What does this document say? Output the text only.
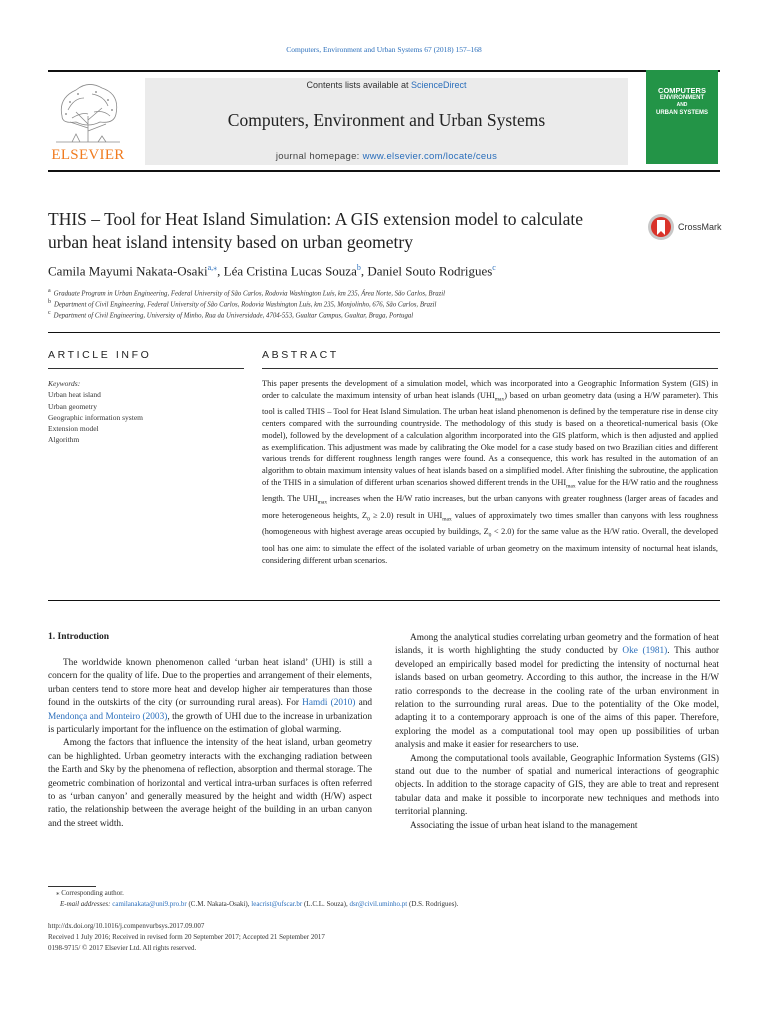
Computers, Environment and Urban Systems 67 (2018) 157–168
ELSEVIER
Contents lists available at ScienceDirect
Computers, Environment and Urban Systems
journal homepage: www.elsevier.com/locate/ceus
COMPUTERS
ENVIRONMENT
AND
URBAN SYSTEMS
THIS – Tool for Heat Island Simulation: A GIS extension model to calculate
urban heat island intensity based on urban geometry
CrossMark
Camila Mayumi Nakata-Osaki$^{a,⁎}$, Léa Cristina Lucas Souza$^b$, Daniel Souto Rodrigues$^c$
$^a$ Graduate Program in Urban Engineering, Federal University of São Carlos, Rodovia Washington Luís, km 235, Área Norte, São Carlos, Brazil
$^b$ Department of Civil Engineering, Federal University of São Carlos, Rodovia Washington Luís, km 235, Monjolinho, 676, São Carlos, Brazil
$^c$ Department of Civil Engineering, University of Minho, Rua da Universidade, 4704-553, Gualtar Campus, Gualtar, Braga, Portugal
ARTICLE INFO
Keywords:
Urban heat island
Urban geometry
Geographic information system
Extension model
Algorithm
ABSTRACT
This paper presents the development of a simulation model, which was incorporated into a Geographic Information System (GIS) in order to calculate the maximum intensity of urban heat islands $(UHI_{max})$ based on urban geometry data (using a H/W parameter). This tool is called THIS – Tool for Heat Island Simulation. The urban heat island phenomenon is defined by the temperature rise in dense city centers compared with the surrounding countryside. The methodology of this study is based on a theoretical-numerical basis (Oke model), followed by the development of a calculation algorithm incorporated into the GIS platform, which is then adjusted and applied as exemplification. This adjustment was made by calibrating the Oke model for a case study based on two Brazilian cities and different various trends for different roughness length ranges were found. As a consequence, this work has resulted in the automation of an algorithm to obtain maximum intensity values of heat islands based on a simplified model. After finishing the subroutine, the application of the THIS in a simulation of different urban scenarios showed different trends in the $UHI_{max}$ value for the H/W ratio and the roughness length. The $UHI_{max}$ increases when the H/W ratio increases, but the urban canyons with greater roughness (larger areas of facades and more heterogeneous heights, $Z_0 \ge 2.0$) result in $UHI_{max}$ values of approximately two times smaller than canyons with less roughness (homogeneous with highest average areas occupied by buildings, $Z_0 < 2.0$) for the same value as the H/W ratio. Overall, the developed tool has one aim: to simulate the effect of the isolated variable of urban geometry on the maximum intensity of nocturnal heat islands, considering different urban scenarios.
1. Introduction

The worldwide known phenomenon called ‘urban heat island’ (UHI) is still a concern for the quality of life. Due to the properties and arrangement of their elements, urban centers tend to store more heat and develop higher air temperatures than those found in the outskirts of the city (or surrounding rural areas). For Hamdi (2010) and Mendonça and Monteiro (2003), the growth of UHI due to the increase in urbanization is particularly important for the influence on the estimation of global warming.

Among the factors that influence the intensity of the heat island, urban geometry can be highlighted. Urban geometry interacts with the exchanging radiation between the Earth and Sky by the phenomena of reflection, absorption and thermal storage. The geometric combination of horizontal and vertical intra-urban surfaces is often referred to as ‘urban canyon’ and generally measured by the height and width (H/W) aspect ratio, the relationship between the average height of the building in an urban canyon and the street width.

Among the analytical studies correlating urban geometry and the formation of heat islands, it is worth highlighting the study conducted by Oke (1981). This author developed an empirically based model for predicting the intensity of nocturnal heat islands based on urban geometry. According to this author, the increase in the H/W ratio corresponds to the decrease in the cooling rate of the urban environment in relation to the surrounding rural areas. Due to the potentiality of the Oke model, adapting it to a contemporary approach is one of the aims of this paper. Therefore, exploring the model as a computational tool may open up possibilities of urban analysis and make it easier for researchers to use.

Among the computational tools available, Geographic Information Systems (GIS) stand out due to the number of spatial and numerical interactions of geographic objects. In addition to the storage capacity of GIS, they are able to treat and represent tabular data and make it possible to incorporate new techniques and methods into territorial planning.

Associating the issue of urban heat island to the management

⁎ Corresponding author.
E-mail addresses: camilanakata@uni9.pro.br (C.M. Nakata-Osaki), leacrist@ufscar.br (L.C.L. Souza), dsr@civil.uminho.pt (D.S. Rodrigues).
http://dx.doi.org/10.1016/j.compenvurbsys.2017.09.007
Received 1 July 2016; Received in revised form 20 September 2017; Accepted 21 September 2017
0198-9715/ © 2017 Elsevier Ltd. All rights reserved.
